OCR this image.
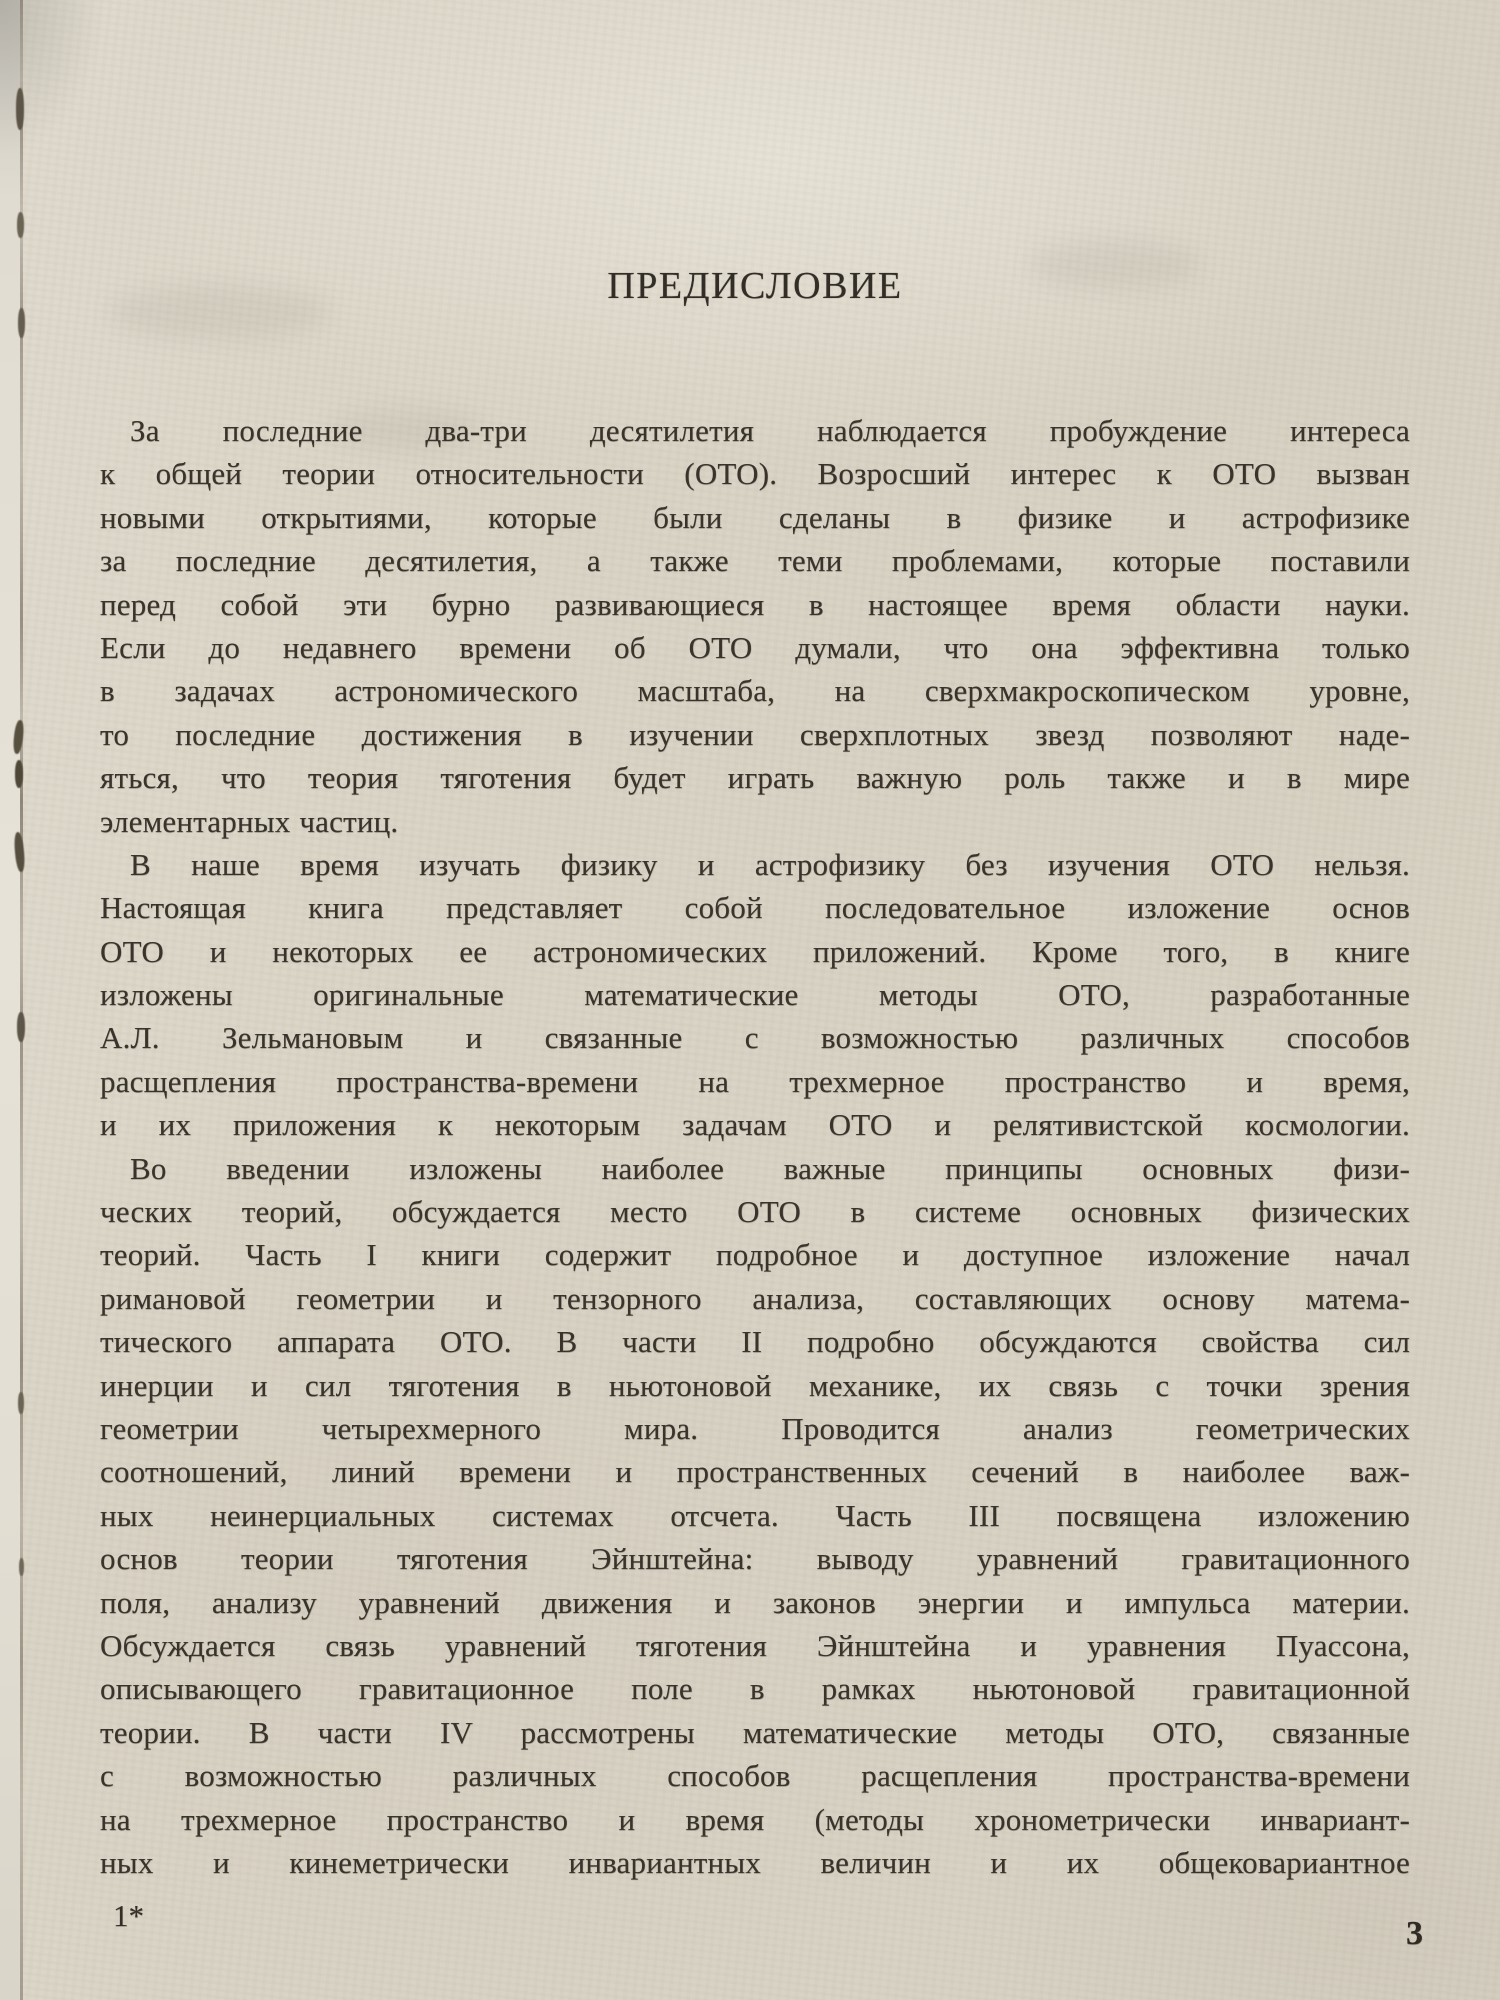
ПРЕДИСЛОВИЕ
За последние два-три десятилетия наблюдается пробуждение интереса
к общей теории относительности (ОТО). Возросший интерес к ОТО вызван
новыми открытиями, которые были сделаны в физике и астрофизике
за последние десятилетия, а также теми проблемами, которые поставили
перед собой эти бурно развивающиеся в настоящее время области науки.
Если до недавнего времени об ОТО думали, что она эффективна только
в задачах астрономического масштаба, на сверхмакроскопическом уровне,
то последние достижения в изучении сверхплотных звезд позволяют наде-
яться, что теория тяготения будет играть важную роль также и в мире
элементарных частиц.
В наше время изучать физику и астрофизику без изучения ОТО нельзя.
Настоящая книга представляет собой последовательное изложение основ
ОТО и некоторых ее астрономических приложений. Кроме того, в книге
изложены оригинальные математические методы ОТО, разработанные
А.Л. Зельмановым и связанные с возможностью различных способов
расщепления пространства-времени на трехмерное пространство и время,
и их приложения к некоторым задачам ОТО и релятивистской космологии.
Во введении изложены наиболее важные принципы основных физи-
ческих теорий, обсуждается место ОТО в системе основных физических
теорий. Часть I книги содержит подробное и доступное изложение начал
римановой геометрии и тензорного анализа, составляющих основу матема-
тического аппарата ОТО. В части II подробно обсуждаются свойства сил
инерции и сил тяготения в ньютоновой механике, их связь с точки зрения
геометрии четырехмерного мира. Проводится анализ геометрических
соотношений, линий времени и пространственных сечений в наиболее важ-
ных неинерциальных системах отсчета. Часть III посвящена изложению
основ теории тяготения Эйнштейна: выводу уравнений гравитационного
поля, анализу уравнений движения и законов энергии и импульса материи.
Обсуждается связь уравнений тяготения Эйнштейна и уравнения Пуассона,
описывающего гравитационное поле в рамках ньютоновой гравитационной
теории. В части IV рассмотрены математические методы ОТО, связанные
с возможностью различных способов расщепления пространства-времени
на трехмерное пространство и время (методы хронометрически инвариант-
ных и кинеметрически инвариантных величин и их общековариантное
1*	3
